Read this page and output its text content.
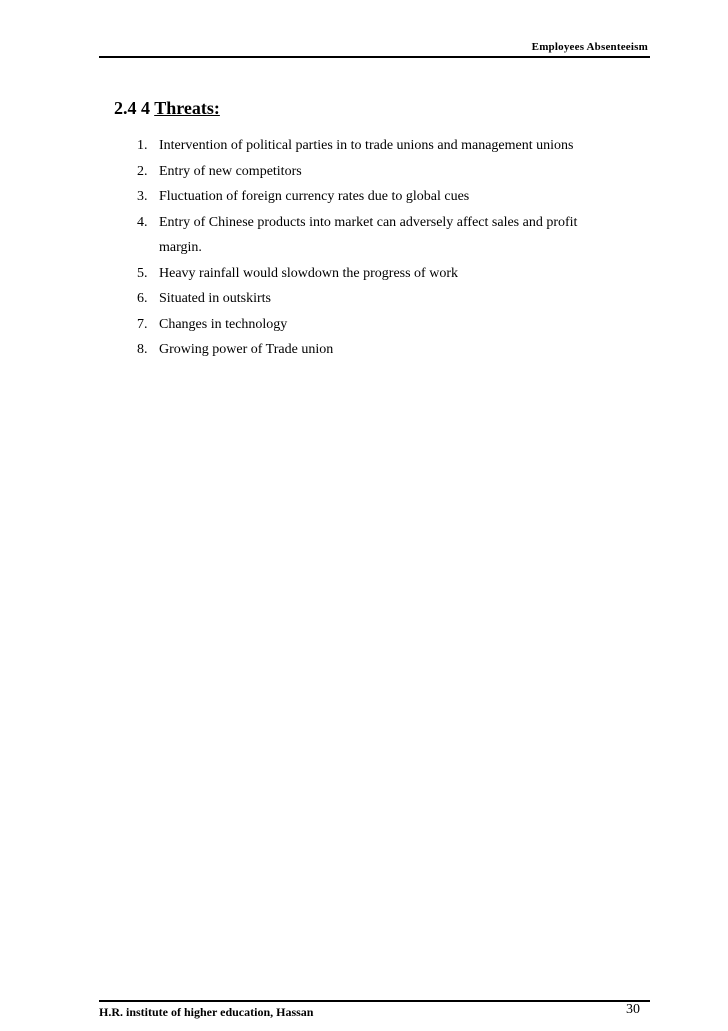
Employees Absenteeism
2.4 4 Threats:
1. Intervention of political parties in to trade unions and management unions
2. Entry of new competitors
3. Fluctuation of foreign currency rates due to global cues
4. Entry of Chinese products into market can adversely affect sales and profit margin.
5. Heavy rainfall would slowdown the progress of work
6. Situated in outskirts
7. Changes in technology
8. Growing power of Trade union
H.R. institute of higher education, Hassan	30
